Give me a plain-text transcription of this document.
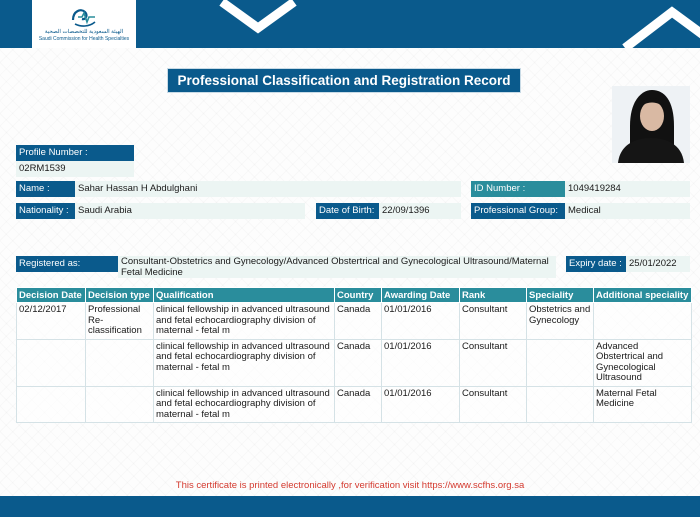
الهيئة السعودية للتخصصات الصحية
Saudi Commission for Health Specialties
Professional Classification and Registration Record
Profile Number :
02RM1539
Name :	Sahar Hassan H Abdulghani	ID Number :	1049419284
Nationality : Saudi Arabia	Date of Birth: 22/09/1396	Professional Group:	Medical
Registered as:	Consultant-Obstetrics and Gynecology/Advanced Obstertrical and Gynecological Ultrasound/Maternal Fetal Medicine
Expiry date : 25/01/2022
Decision Date	Decision type	Qualification	Country	Awarding Date	Rank	Speciality	Additional speciality
02/12/2017	Professional Re-classification	clinical fellowship in advanced ultrasound and fetal echocardiography division of maternal - fetal m	Canada	01/01/2016	Consultant	Obstetrics and Gynecology	
		clinical fellowship in advanced ultrasound and fetal echocardiography division of maternal - fetal m	Canada	01/01/2016	Consultant		Advanced Obstertrical and Gynecological Ultrasound
		clinical fellowship in advanced ultrasound and fetal echocardiography division of maternal - fetal m	Canada	01/01/2016	Consultant		Maternal Fetal Medicine
This certificate is printed electronically ,for verification visit https://www.scfhs.org.sa
